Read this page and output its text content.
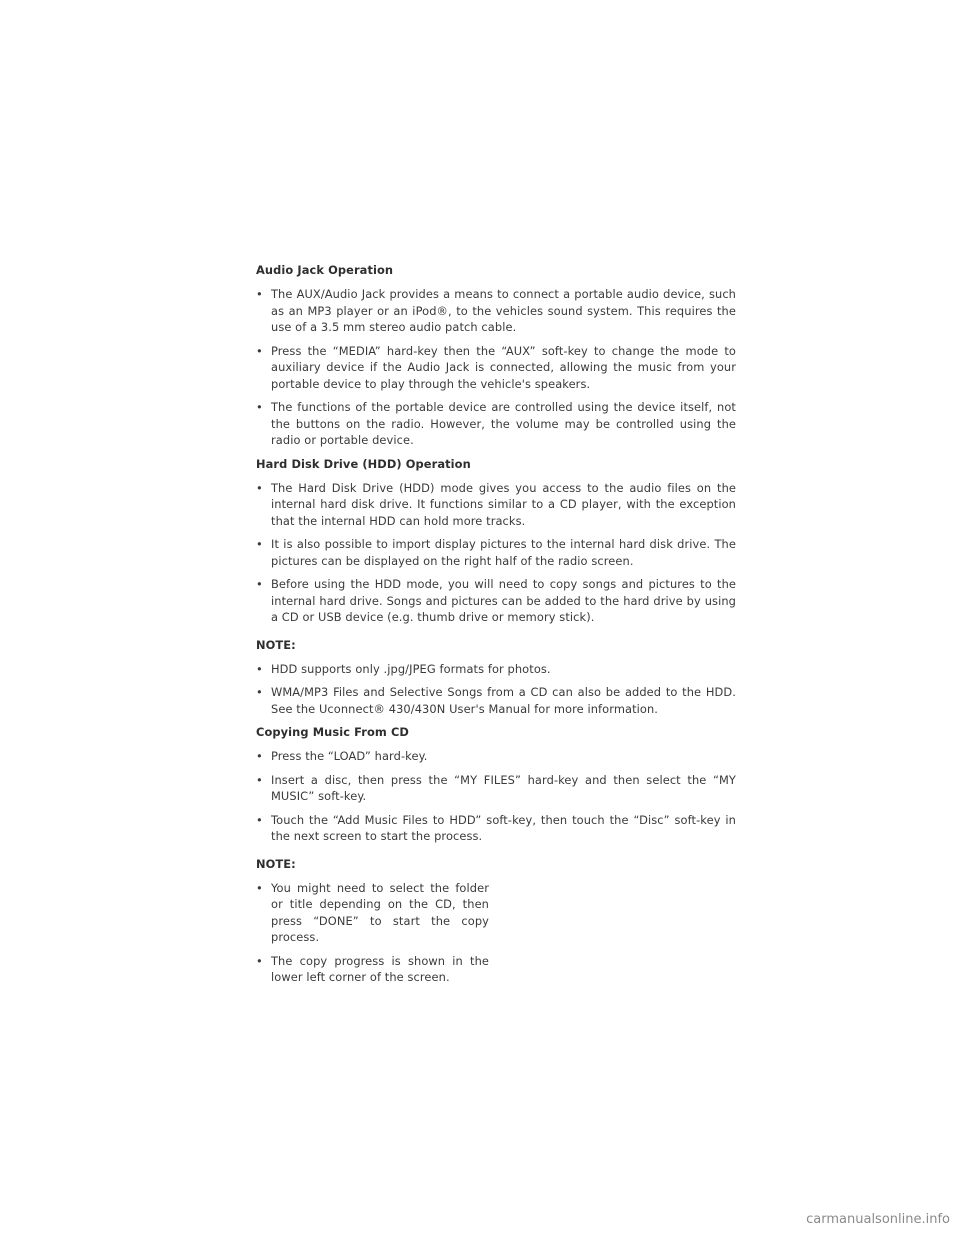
Audio Jack Operation
• The AUX/Audio Jack provides a means to connect a portable audio device, such as an MP3 player or an iPod®, to the vehicles sound system. This requires the use of a 3.5 mm stereo audio patch cable.
• Press the “MEDIA” hard-key then the “AUX” soft-key to change the mode to auxiliary device if the Audio Jack is connected, allowing the music from your portable device to play through the vehicle's speakers.
• The functions of the portable device are controlled using the device itself, not the buttons on the radio. However, the volume may be controlled using the radio or portable device.
Hard Disk Drive (HDD) Operation
• The Hard Disk Drive (HDD) mode gives you access to the audio files on the internal hard disk drive. It functions similar to a CD player, with the exception that the internal HDD can hold more tracks.
• It is also possible to import display pictures to the internal hard disk drive. The pictures can be displayed on the right half of the radio screen.
• Before using the HDD mode, you will need to copy songs and pictures to the internal hard drive. Songs and pictures can be added to the hard drive by using a CD or USB device (e.g. thumb drive or memory stick).
NOTE:
• HDD supports only .jpg/JPEG formats for photos.
• WMA/MP3 Files and Selective Songs from a CD can also be added to the HDD. See the Uconnect® 430/430N User's Manual for more information.
Copying Music From CD
• Press the “LOAD” hard-key.
• Insert a disc, then press the “MY FILES” hard-key and then select the “MY MUSIC” soft-key.
• Touch the “Add Music Files to HDD” soft-key, then touch the “Disc” soft-key in the next screen to start the process.
NOTE:
• You might need to select the folder or title depending on the CD, then press “DONE” to start the copy process.
• The copy progress is shown in the lower left corner of the screen.
carmanualsonline.info
